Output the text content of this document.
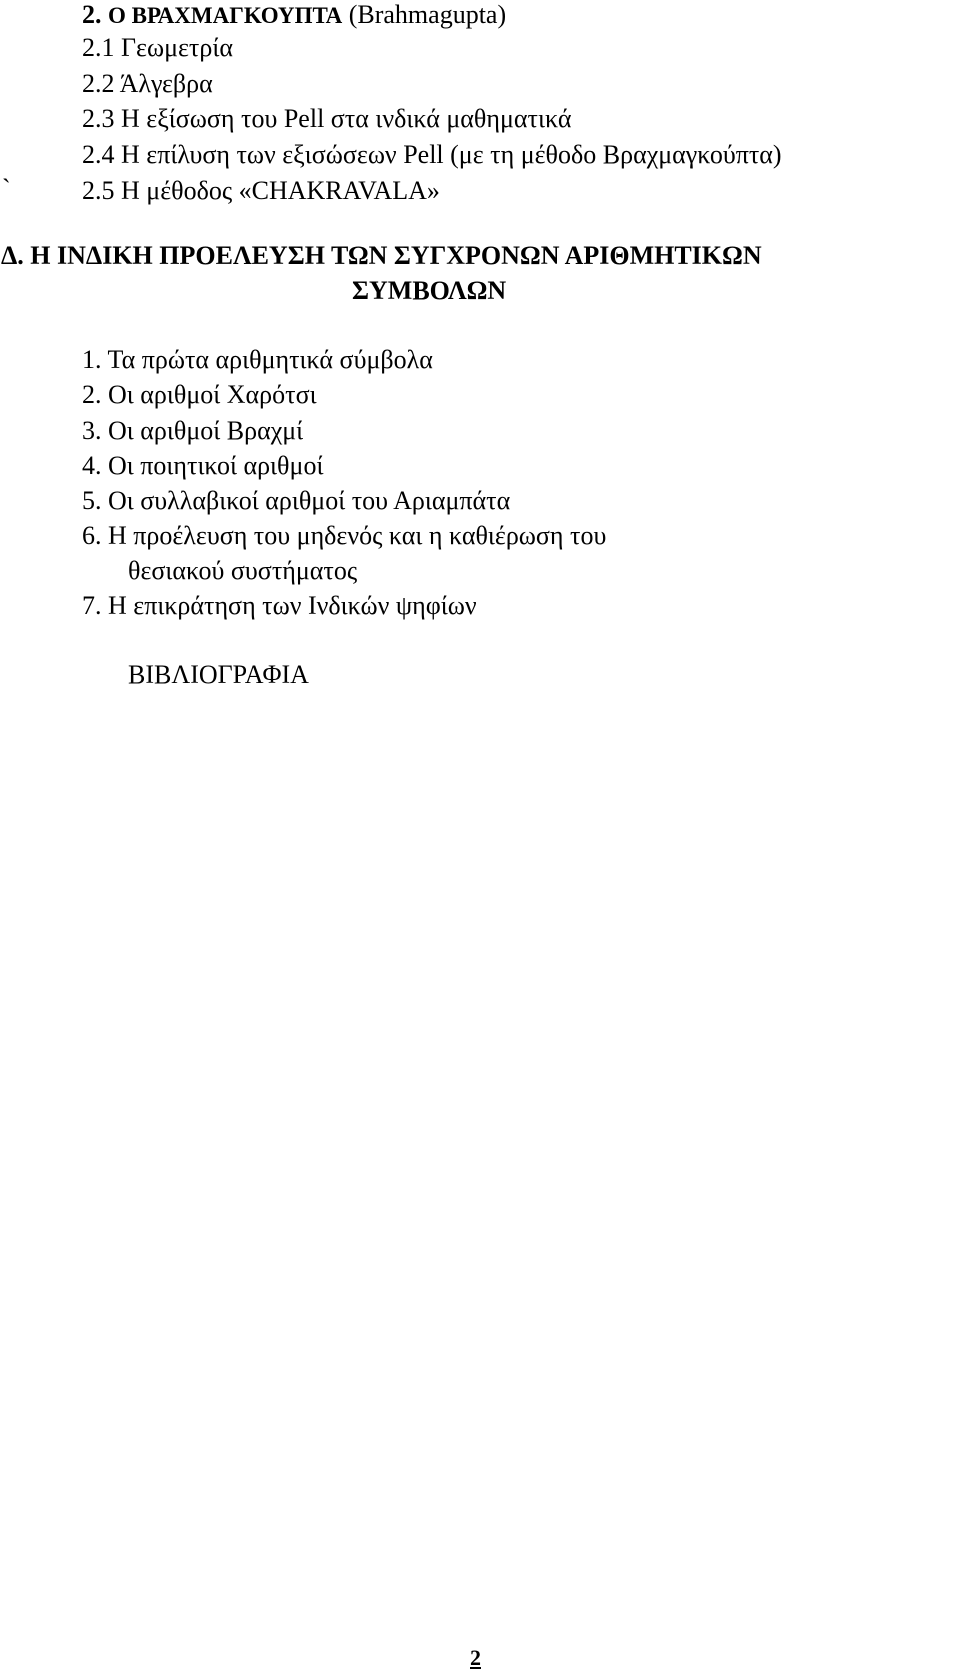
2. Ο ΒΡΑΧΜΑΓΚΟΥΠΤΑ (Brahmagupta)
2.1 Γεωμετρία
2.2 Άλγεβρα
2.3 Η εξίσωση του Pell στα ινδικά μαθηματικά
2.4 Η επίλυση των εξισώσεων Pell (με τη μέθοδο Βραχμαγκούπτα)
`	2.5 Η μέθοδος «CHAKRAVALA»
Δ. Η ΙΝΔΙΚΗ ΠΡΟΕΛΕΥΣΗ ΤΩΝ ΣΥΓΧΡΟΝΩΝ ΑΡΙΘΜΗΤΙΚΩΝ
ΣΥΜΒΟΛΩΝ
1. Τα πρώτα αριθμητικά σύμβολα
2. Οι αριθμοί Χαρότσι
3. Οι αριθμοί Βραχμί
4. Οι ποιητικοί αριθμοί
5. Οι συλλαβικοί αριθμοί του Αριαμπάτα
6. Η προέλευση του μηδενός και η καθιέρωση του
θεσιακού συστήματος
7. Η επικράτηση των Ινδικών ψηφίων
ΒΙΒΛΙΟΓΡΑΦΙΑ
2
